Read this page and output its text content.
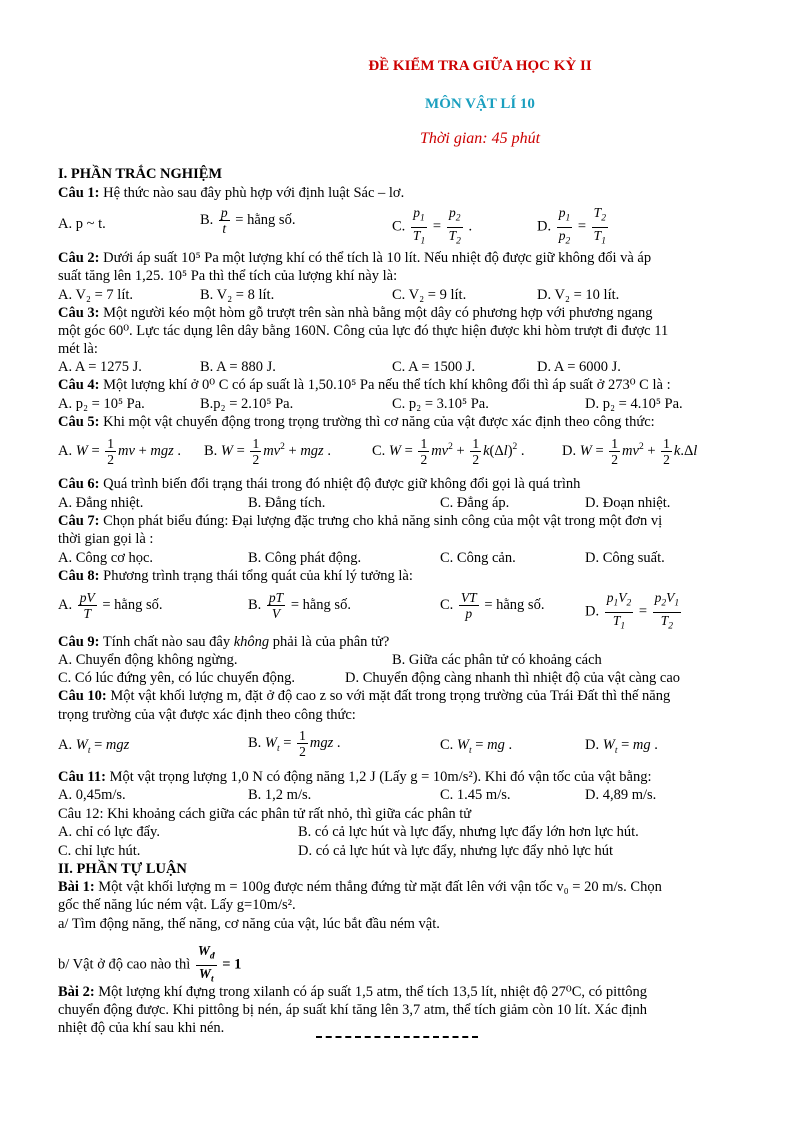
ĐỀ KIỂM TRA GIỮA HỌC KỲ II
MÔN VẬT LÍ 10
Thời gian: 45 phút
I. PHẦN TRẮC NGHIỆM
Câu 1: Hệ thức nào sau đây phù hợp với định luật Sác – lơ.
A. p ~ t.	B. $\frac{p}{t}$ = hằng số.	C. $\frac{p_1}{T_1} = \frac{p_2}{T_2}$ .	D. $\frac{p_1}{p_2} = \frac{T_2}{T_1}$
Câu 2: Dưới áp suất 10⁵ Pa một lượng khí có thể tích là 10 lít. Nếu nhiệt độ được giữ không đổi và áp
suất tăng lên 1,25. 10⁵ Pa thì thể tích của lượng khí này là:
A. V₂ = 7 lít.	B. V₂ = 8 lít.	C. V₂ = 9 lít.	D. V₂ = 10 lít.
Câu 3: Một người kéo một hòm gỗ trượt trên sàn nhà bằng một dây có phương hợp với phương ngang
một góc 60⁰. Lực tác dụng lên dây bằng 160N. Công của lực đó thực hiện được khi hòm trượt đi được 11
mét là:
A. A = 1275 J.	B. A = 880 J.	C. A = 1500 J.	D. A = 6000 J.
Câu 4: Một lượng khí ở 0⁰ C có áp suất là 1,50.10⁵ Pa nếu thể tích khí không đổi thì áp suất ở 273⁰ C là :
A. p₂ = 10⁵ Pa.	B.p₂ = 2.10⁵ Pa.	C. p₂ = 3.10⁵ Pa.	D. p₂ = 4.10⁵ Pa.
Câu 5: Khi một vật chuyển động trong trọng trường thì cơ năng của vật được xác định theo công thức:
A. $W = \frac{1}{2}$ mv + mgz . B. $W = \frac{1}{2} mv^2$ + mgz .	C. $W = \frac{1}{2} mv^2 + \frac{1}{2} k(\Delta l)^2$ .	D. $W = \frac{1}{2} mv^2 + \frac{1}{2} k.\Delta l$
Câu 6: Quá trình biến đổi trạng thái trong đó nhiệt độ được giữ không đổi gọi là quá trình
A. Đẳng nhiệt.	B. Đẳng tích.	C. Đẳng áp.	D. Đoạn nhiệt.
Câu 7: Chọn phát biểu đúng: Đại lượng đặc trưng cho khả năng sinh công của một vật trong một đơn vị
thời gian gọi là :
A. Công cơ học.	B. Công phát động.	C. Công cản.	D. Công suất.
Câu 8: Phương trình trạng thái tổng quát của khí lý tưởng là:
A. $\frac{pV}{T}$ = hằng số.	B. $\frac{pT}{V}$ = hằng số.	C. $\frac{VT}{p}$ = hằng số.	D. $\frac{p_1V_2}{T_1} = \frac{p_2V_1}{T_2}$
Câu 9: Tính chất nào sau đây không phải là của phân tử?
A. Chuyển động không ngừng.	B. Giữa các phân tử có khoảng cách
C. Có lúc đứng yên, có lúc chuyển động.	D. Chuyển động càng nhanh thì nhiệt độ của vật càng cao
Câu 10: Một vật khối lượng m, đặt ở độ cao z so với mặt đất trong trọng trường của Trái Đất thì thế năng
trọng trường của vật được xác định theo công thức:
A. $W_t$ = mgz	B. $W_t = \frac{1}{2}$ mgz .	C. $W_t$ = mg .	D. $W_t$ = mg .
Câu 11: Một vật trọng lượng 1,0 N có động năng 1,2 J (Lấy g = 10m/s²). Khi đó vận tốc của vật bằng:
A. 0,45m/s.	B. 1,2 m/s.	C. 1.45 m/s.	D. 4,89 m/s.
Câu 12: Khi khoảng cách giữa các phân tử rất nhỏ, thì giữa các phân tử
A. chỉ có lực đẩy.	B. có cả lực hút và lực đẩy, nhưng lực đẩy lớn hơn lực hút.
C. chỉ lực hút.	D. có cả lực hút và lực đẩy, nhưng lực đẩy nhỏ lực hút
II. PHẦN TỰ LUẬN
Bài 1: Một vật khối lượng m = 100g được ném thẳng đứng từ mặt đất lên với vận tốc v₀ = 20 m/s. Chọn
gốc thế năng lúc ném vật. Lấy g=10m/s².
a/ Tìm động năng, thế năng, cơ năng của vật, lúc bắt đầu ném vật.
b/ Vật ở độ cao nào thì $\frac{W_đ}{W_t} = 1$
Bài 2: Một lượng khí đựng trong xilanh có áp suất 1,5 atm, thể tích 13,5 lít, nhiệt độ 27⁰C, có pittông
chuyển động được. Khi pittông bị nén, áp suất khí tăng lên 3,7 atm, thể tích giảm còn 10 lít. Xác định
nhiệt độ của khí sau khi nén.
